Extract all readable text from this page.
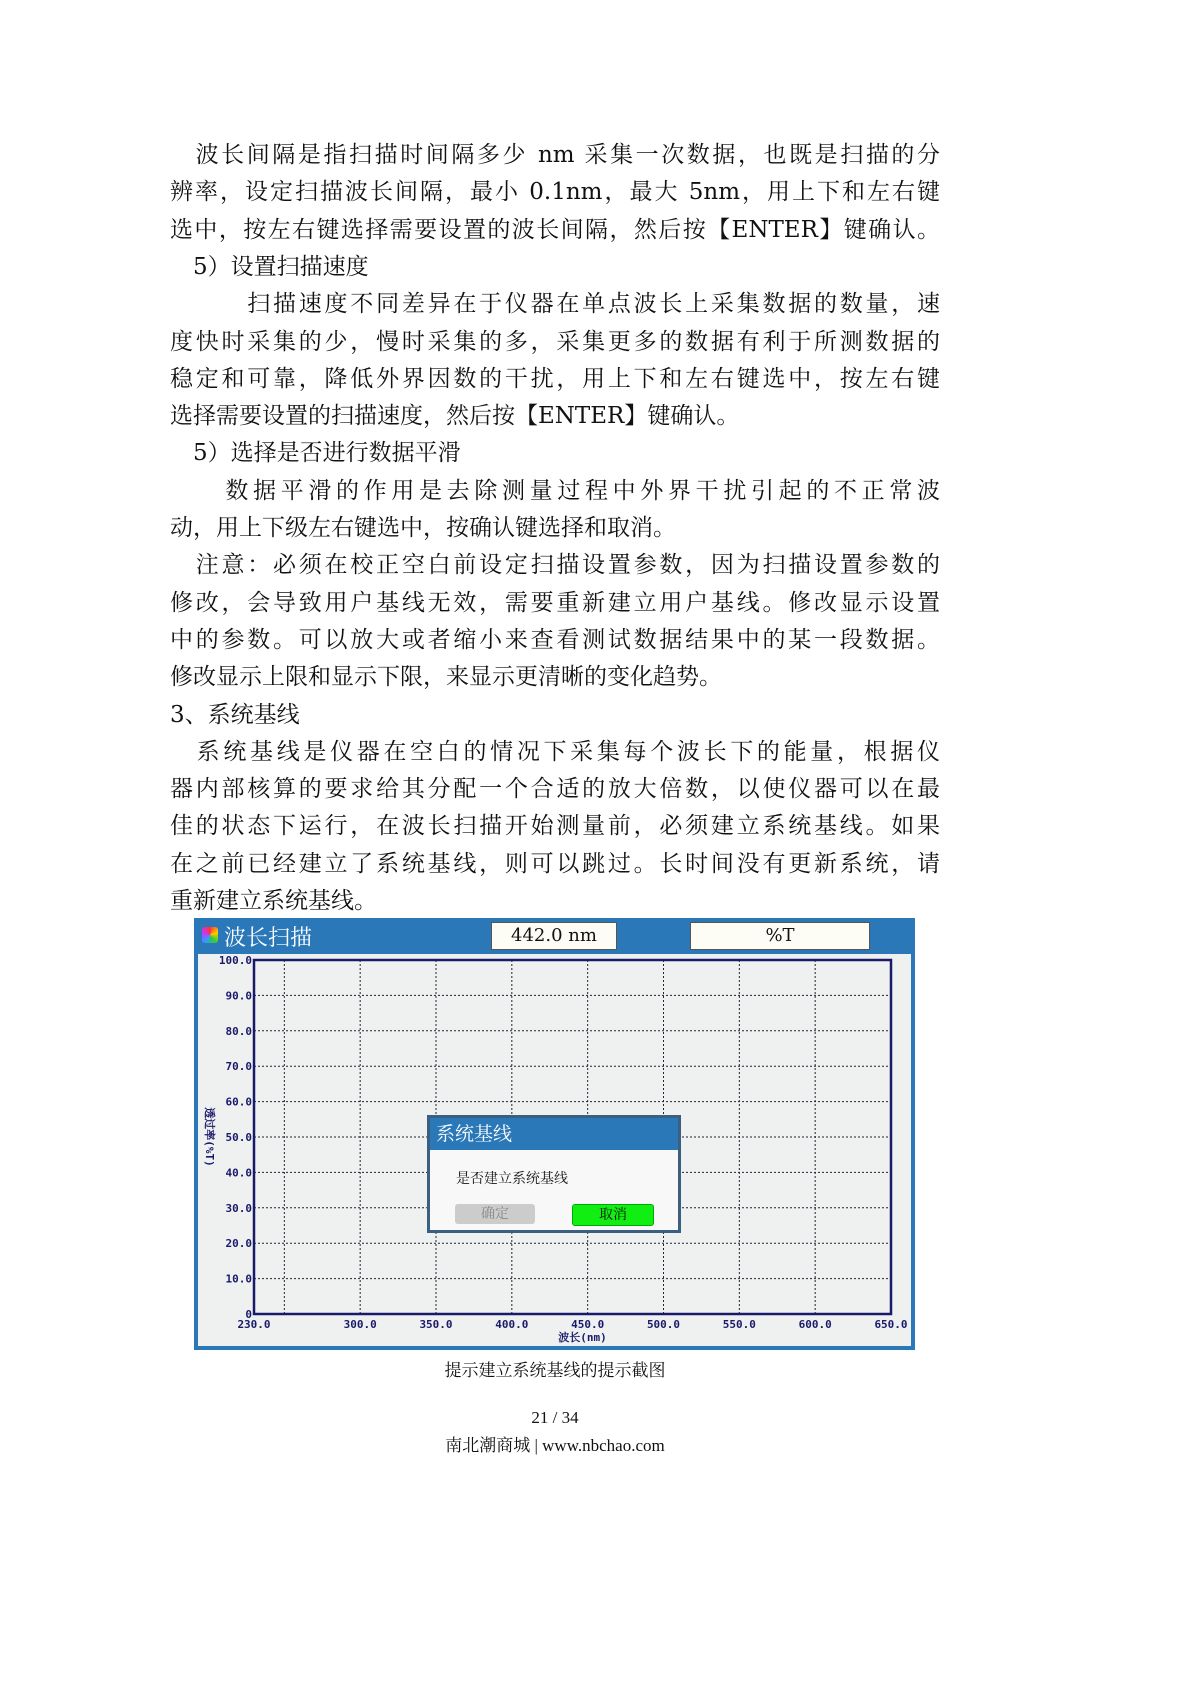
　波长间隔是指扫描时间隔多少 nm 采集一次数据，也既是扫描的分
辨率，设定扫描波长间隔，最小 0.1nm，最大 5nm，用上下和左右键
选中，按左右键选择需要设置的波长间隔，然后按【ENTER】键确认。
　5）设置扫描速度
　　　扫描速度不同差异在于仪器在单点波长上采集数据的数量，速
度快时采集的少，慢时采集的多，采集更多的数据有利于所测数据的
稳定和可靠，降低外界因数的干扰，用上下和左右键选中，按左右键
选择需要设置的扫描速度，然后按【ENTER】键确认。
　5）选择是否进行数据平滑
　　数据平滑的作用是去除测量过程中外界干扰引起的不正常波
动，用上下级左右键选中，按确认键选择和取消。
　注意：必须在校正空白前设定扫描设置参数，因为扫描设置参数的
修改，会导致用户基线无效，需要重新建立用户基线。修改显示设置
中的参数。可以放大或者缩小来查看测试数据结果中的某一段数据。
修改显示上限和显示下限，来显示更清晰的变化趋势。
3、系统基线
　系统基线是仪器在空白的情况下采集每个波长下的能量，根据仪
器内部核算的要求给其分配一个合适的放大倍数，以使仪器可以在最
佳的状态下运行，在波长扫描开始测量前，必须建立系统基线。如果
在之前已经建立了系统基线，则可以跳过。长时间没有更新系统，请
重新建立系统基线。
波长扫描	442.0 nm	%T
0
10.0
20.0
30.0
40.0
50.0
60.0
70.0
80.0
90.0
100.0
230.0	300.0	350.0	400.0	450.0	500.0	550.0	600.0	650.0
波长(nm)
透过率(%T)	系统基线
是否建立系统基线
确定	取消
提示建立系统基线的提示截图
21 / 34
南北潮商城 | www.nbchao.com
